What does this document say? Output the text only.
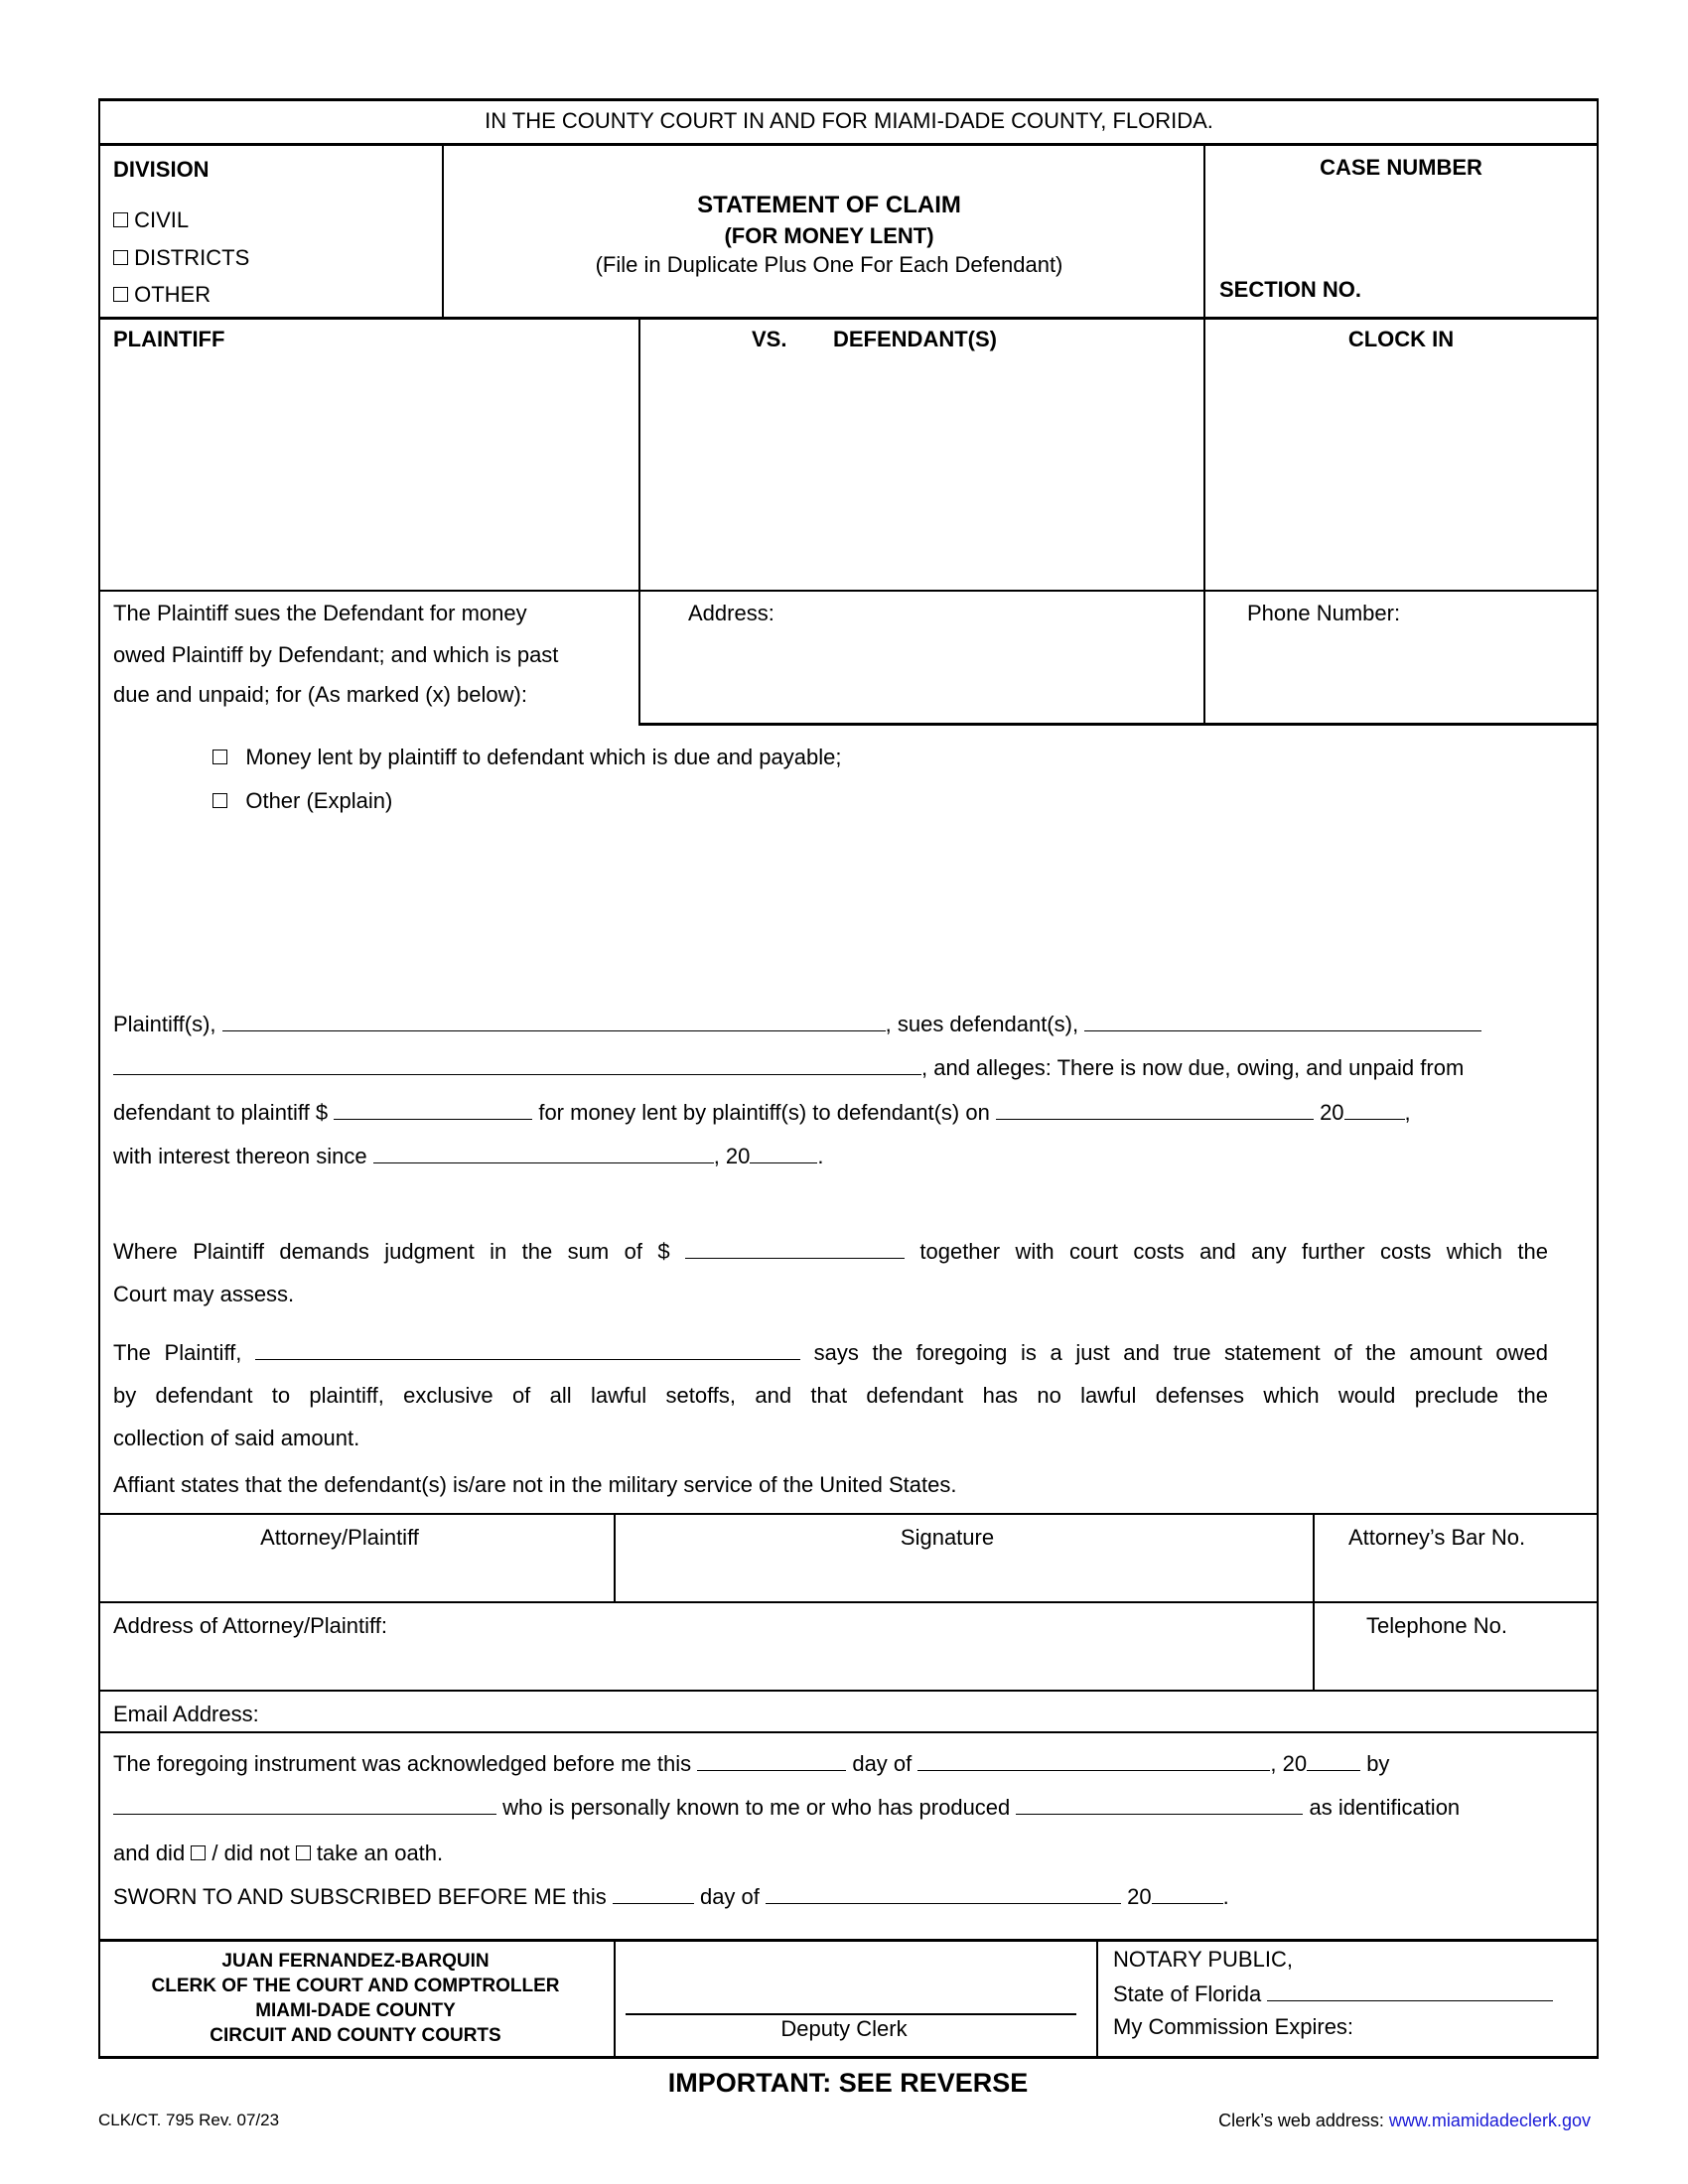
IN THE COUNTY COURT IN AND FOR MIAMI-DADE COUNTY, FLORIDA.
DIVISION
CIVIL
DISTRICTS
OTHER
STATEMENT OF CLAIM
(FOR MONEY LENT)
(File in Duplicate Plus One For Each Defendant)
CASE NUMBER
SECTION NO.
PLAINTIFF	VS. DEFENDANT(S)	CLOCK IN
The Plaintiff sues the Defendant for money
owed Plaintiff by Defendant; and which is past
due and unpaid; for (As marked (x) below):
Address:	Phone Number:
Money lent by plaintiff to defendant which is due and payable;
Other (Explain)
Plaintiff(s),	, sues defendant(s),
, and alleges: There is now due, owing, and unpaid from
defendant to plaintiff $	for money lent by plaintiff(s) to defendant(s) on	20	,
with interest thereon since	, 20	.
Where Plaintiff demands judgment in the sum of $	together with court costs and any further costs which the
Court may assess.
The Plaintiff,	says the foregoing is a just and true statement of the amount owed
by defendant to plaintiff, exclusive of all lawful setoffs, and that defendant has no lawful defenses which would preclude the
collection of said amount.
Affiant states that the defendant(s) is/are not in the military service of the United States.
Attorney/Plaintiff	Signature	Attorney’s Bar No.
Address of Attorney/Plaintiff:	Telephone No.
Email Address:
The foregoing instrument was acknowledged before me this	day of	, 20 by
who is personally known to me or who has produced	as identification
and did  / did not  take an oath.
SWORN TO AND SUBSCRIBED BEFORE ME this	day of	20	.
JUAN FERNANDEZ-BARQUIN
CLERK OF THE COURT AND COMPTROLLER
MIAMI-DADE COUNTY
CIRCUIT AND COUNTY COURTS	Deputy Clerk
NOTARY PUBLIC,
State of Florida
My Commission Expires:
IMPORTANT: SEE REVERSE
CLK/CT. 795 Rev. 07/23	Clerk’s web address: www.miamidadeclerk.gov
